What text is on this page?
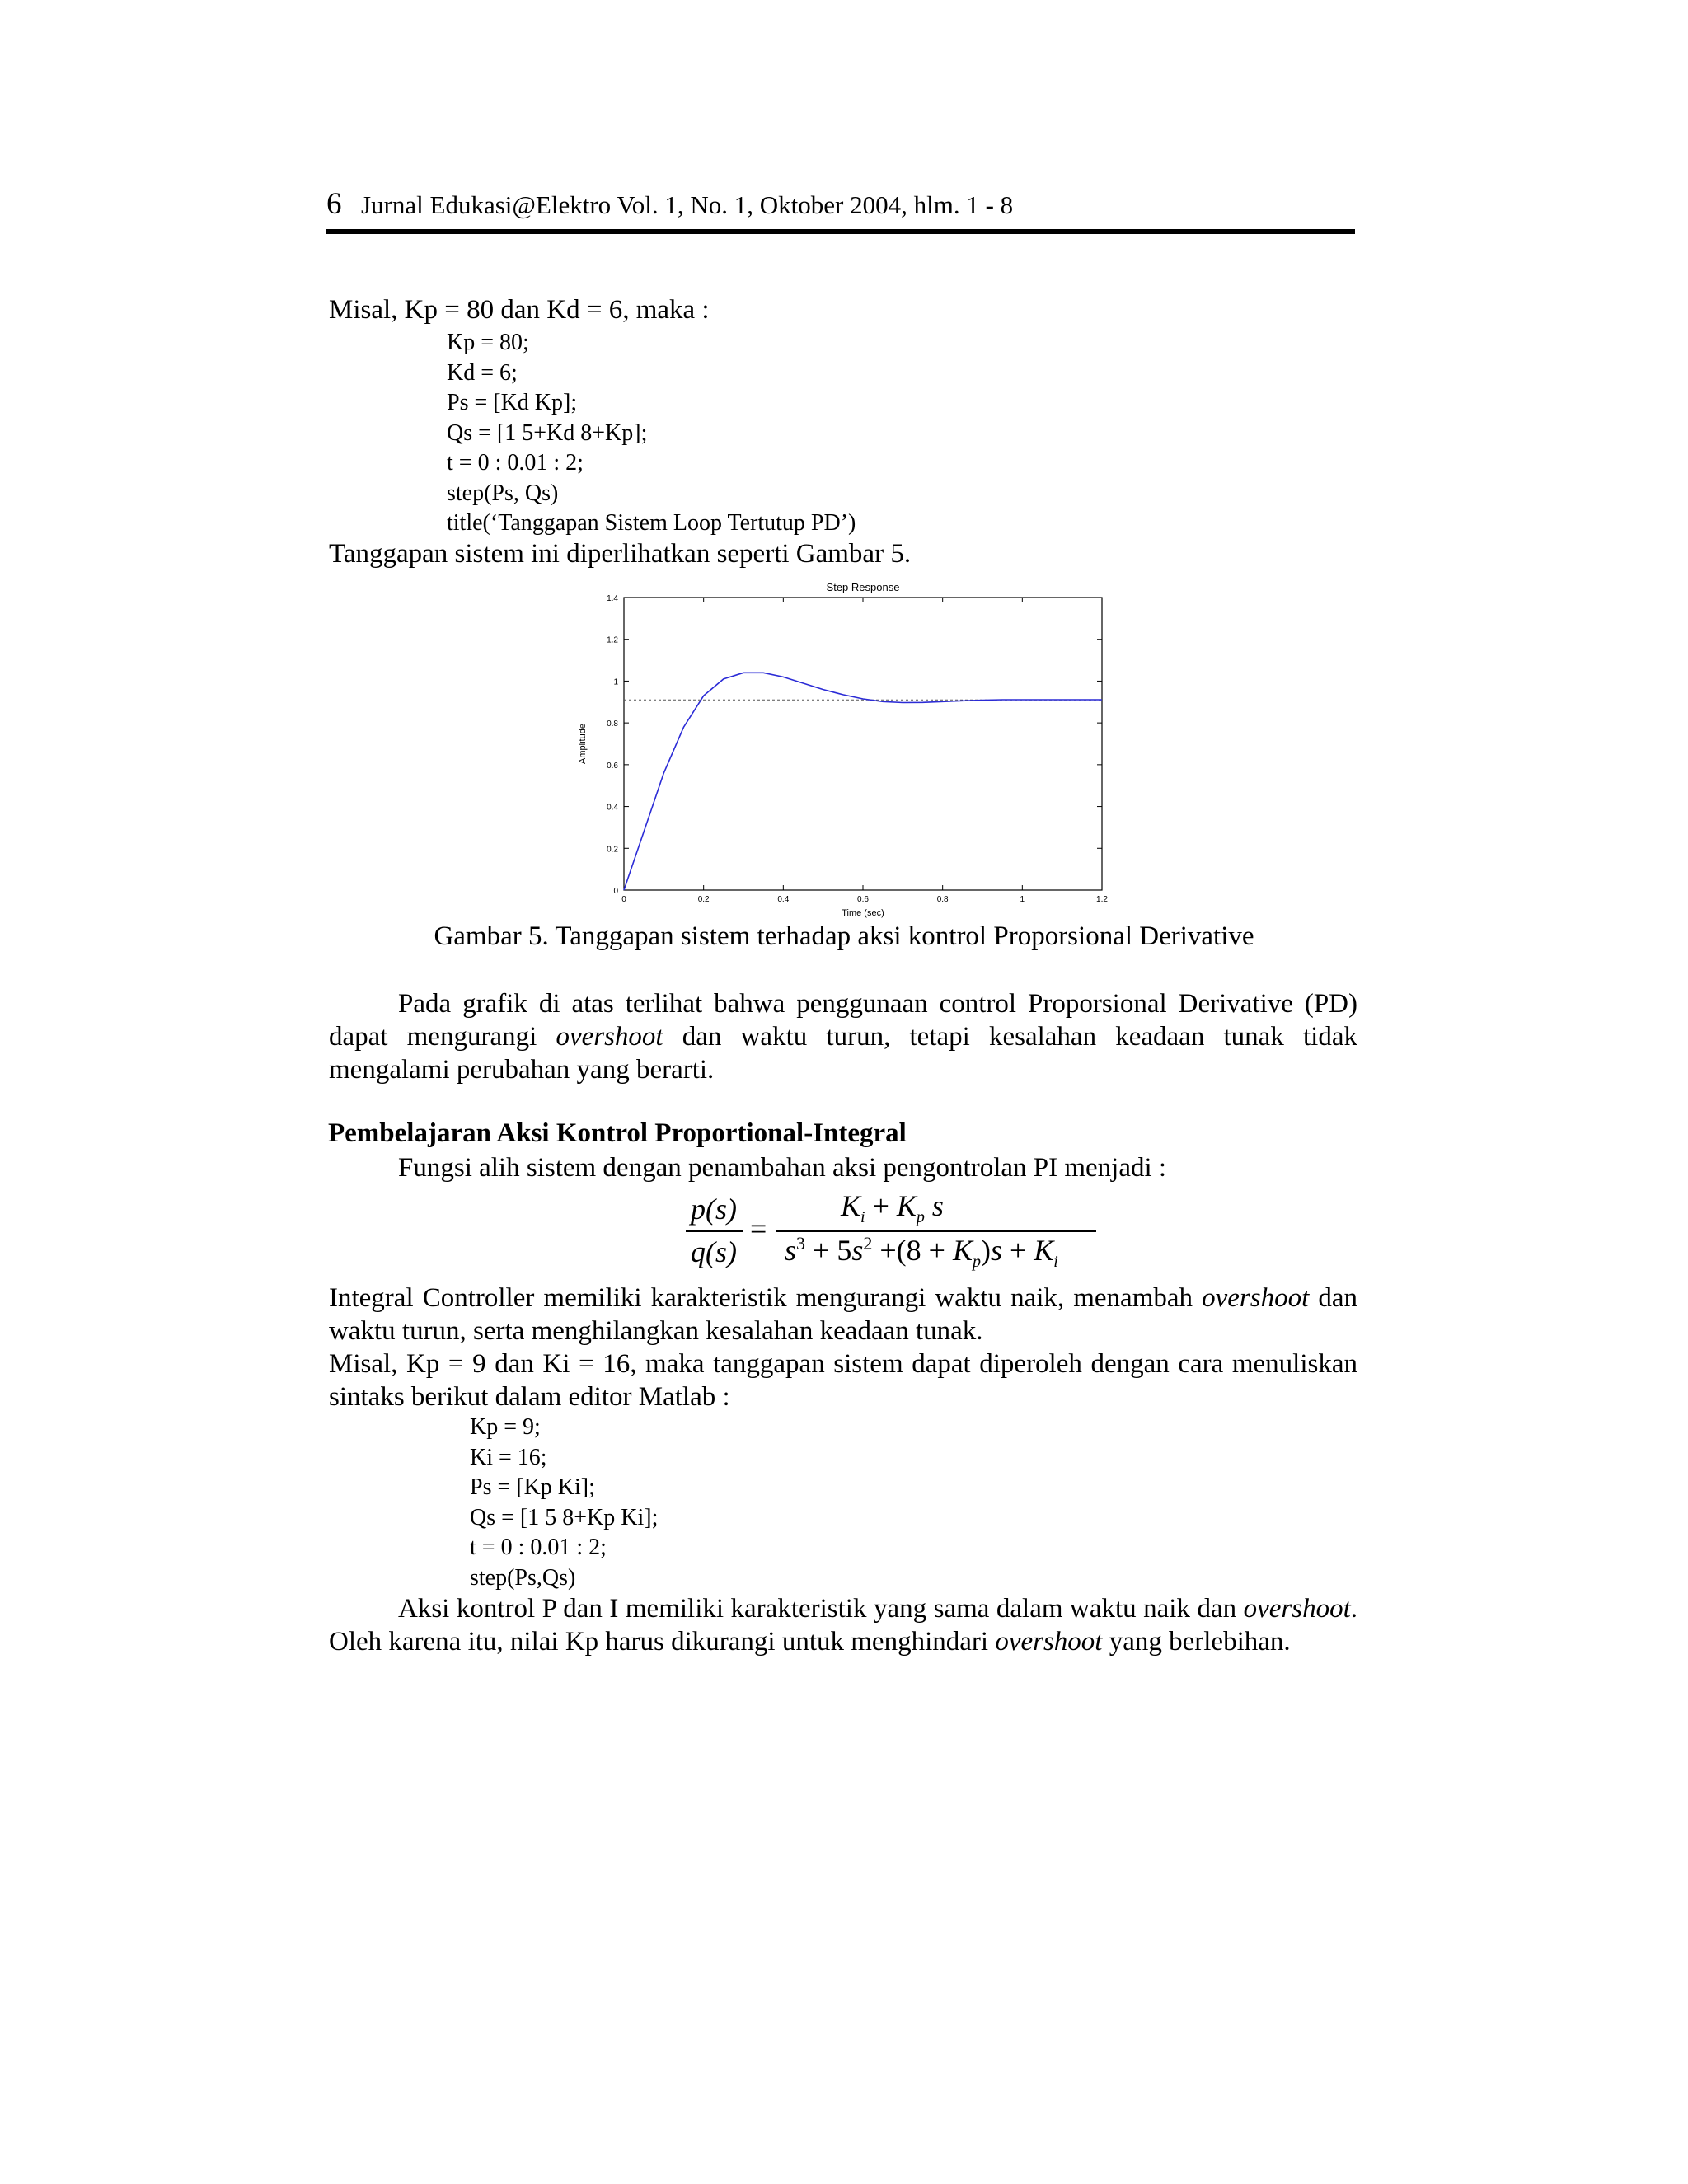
6 Jurnal Edukasi@Elektro Vol. 1, No. 1, Oktober 2004, hlm. 1 - 8
Misal, Kp = 80 dan Kd = 6, maka :
Kp = 80;
Kd = 6;
Ps = [Kd Kp];
Qs = [1 5+Kd 8+Kp];
t = 0 : 0.01 : 2;
step(Ps, Qs)
title(‘Tanggapan Sistem Loop Tertutup PD’)
Tanggapan sistem ini diperlihatkan seperti Gambar 5.
Step Response
0
0.2
0.4
0.6
0.8
1
1.2
1.4
0	0.2	0.4	0.6	0.8	1	1.2
Time (sec)
Amplitude
Gambar 5. Tanggapan sistem terhadap aksi kontrol Proporsional Derivative
Pada grafik di atas terlihat bahwa penggunaan control Proporsional Derivative (PD) dapat mengurangi overshoot dan waktu turun, tetapi kesalahan keadaan tunak tidak mengalami perubahan yang berarti.
Pembelajaran Aksi Kontrol Proportional-Integral
Fungsi alih sistem dengan penambahan aksi pengontrolan PI menjadi :
p(s)
q(s)
=
$K_i + K_p$ s
$s^3 + 5s^2 +(8 + K_p)s + K_i$
Integral Controller memiliki karakteristik mengurangi waktu naik, menambah overshoot dan waktu turun, serta menghilangkan kesalahan keadaan tunak.
Misal, Kp = 9 dan Ki = 16, maka tanggapan sistem dapat diperoleh dengan cara menuliskan sintaks berikut dalam editor Matlab :
Kp = 9;
Ki = 16;
Ps = [Kp Ki];
Qs = [1 5 8+Kp Ki];
t = 0 : 0.01 : 2;
step(Ps,Qs)
Aksi kontrol P dan I memiliki karakteristik yang sama dalam waktu naik dan overshoot. Oleh karena itu, nilai Kp harus dikurangi untuk menghindari overshoot yang berlebihan.
